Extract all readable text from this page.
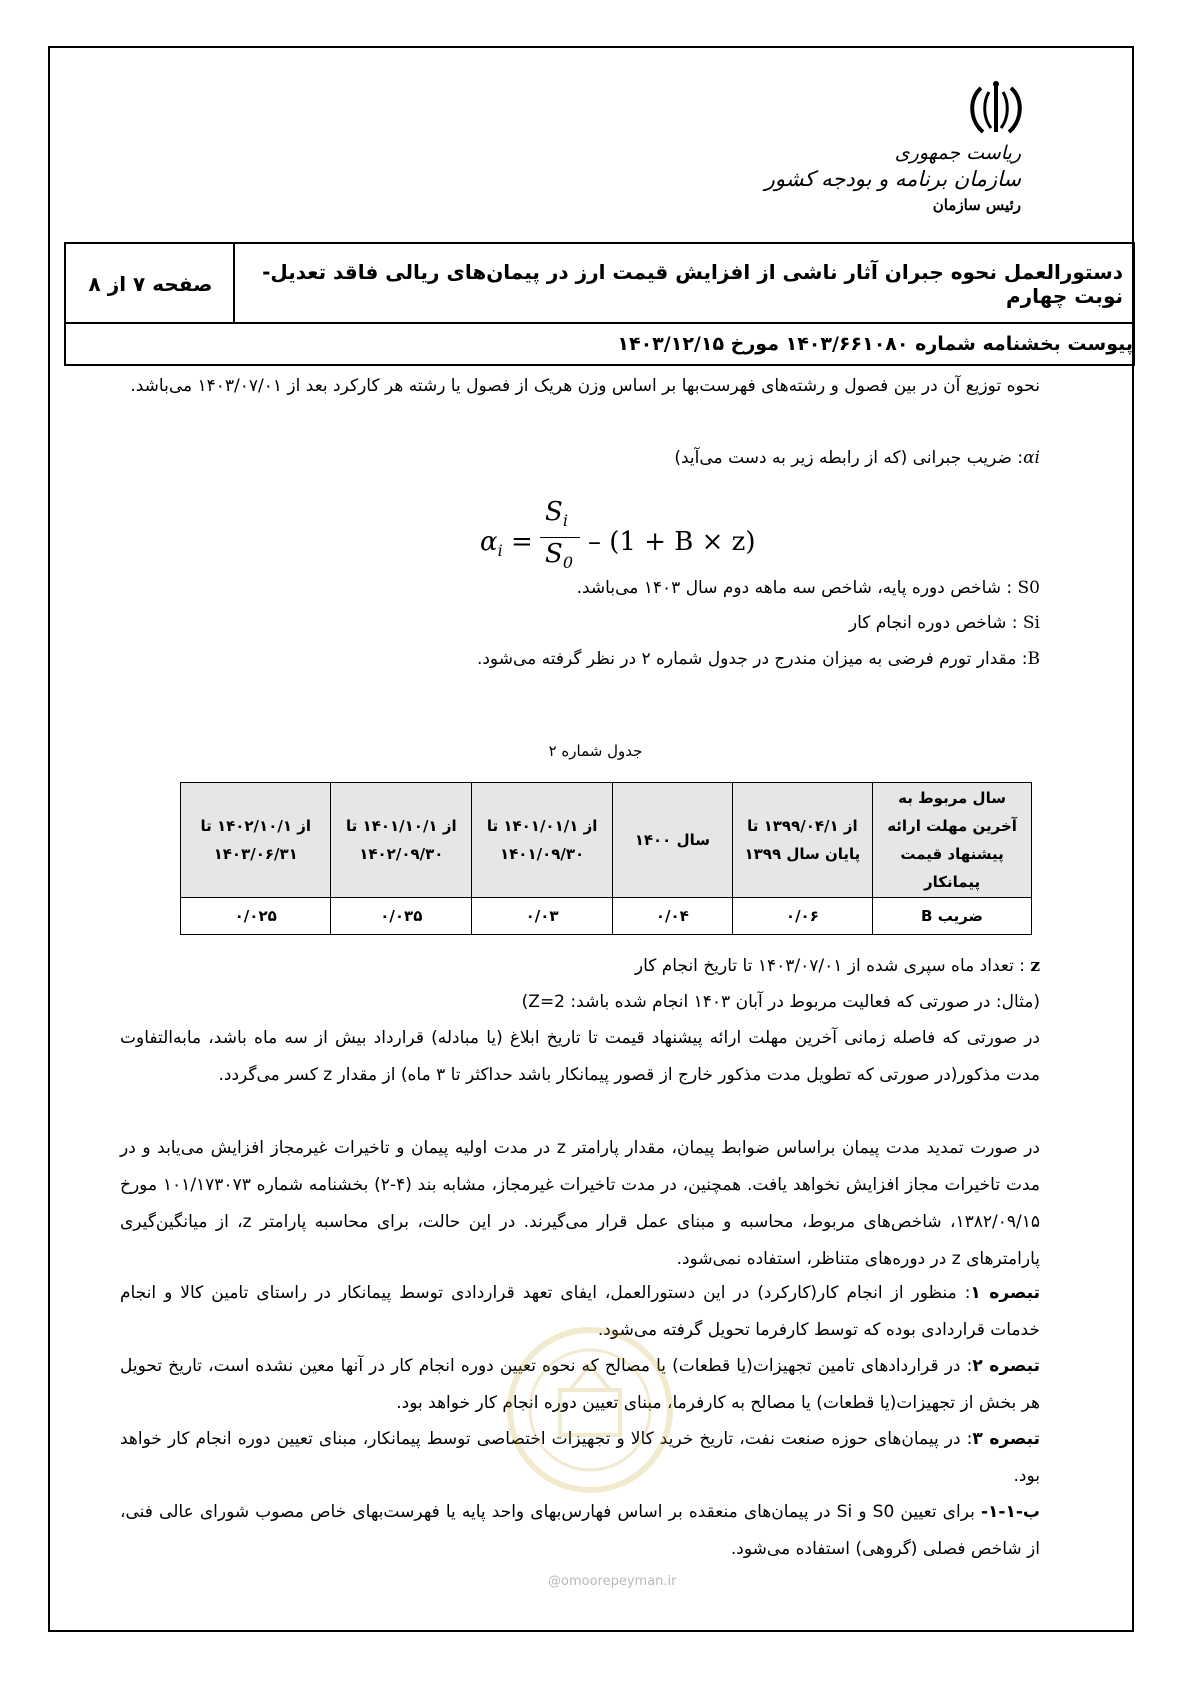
ریاست جمهوری
سازمان برنامه و بودجه کشور
رئیس سازمان
دستورالعمل نحوه جبران آثار ناشی از افزایش قیمت ارز در پیمان‌های ریالی فاقد تعدیل- نوبت چهارم
صفحه ۷ از ۸
پیوست بخشنامه شماره ۱۴۰۳/۶۶۱۰۸۰ مورخ ۱۴۰۳/۱۲/۱۵
نحوه توزیع آن در بین فصول و رشته‌های فهرست‌بها بر اساس وزن هریک از فصول یا رشته هر کارکرد بعد از ۱۴۰۳/۰۷/۰۱ می‌باشد.
αi: ضریب جبرانی (که از رابطه زیر به دست می‌آید)
$\alpha_i$ =
$S_i$
$S_0$
– (1 + B × z)
S0 : شاخص دوره پایه، شاخص سه ماهه دوم سال ۱۴۰۳ می‌باشد.
Si : شاخص دوره انجام کار
B: مقدار تورم فرضی به میزان مندرج در جدول شماره ۲ در نظر گرفته می‌شود.
جدول شماره ۲
سال مربوط به آخرین مهلت ارائه پیشنهاد قیمت پیمانکار	از ۱۳۹۹/۰۴/۱ تا پایان سال ۱۳۹۹	سال ۱۴۰۰	از ۱۴۰۱/۰۱/۱ تا ۱۴۰۱/۰۹/۳۰	از ۱۴۰۱/۱۰/۱ تا ۱۴۰۲/۰۹/۳۰	از ۱۴۰۲/۱۰/۱ تا ۱۴۰۳/۰۶/۳۱
ضریب B	۰/۰۶	۰/۰۴	۰/۰۳	۰/۰۳۵	۰/۰۲۵
z : تعداد ماه سپری شده از ۱۴۰۳/۰۷/۰۱ تا تاریخ انجام کار
(مثال: در صورتی که فعالیت مربوط در آبان ۱۴۰۳ انجام شده باشد: Z=2)
در صورتی که فاصله زمانی آخرین مهلت ارائه پیشنهاد قیمت تا تاریخ ابلاغ (یا مبادله) قرارداد بیش از سه ماه باشد، مابه‌التفاوت مدت مذکور(در صورتی که تطویل مدت مذکور خارج از قصور پیمانکار باشد حداکثر تا ۳ ماه) از مقدار z کسر می‌گردد.
در صورت تمدید مدت پیمان براساس ضوابط پیمان، مقدار پارامتر z در مدت اولیه پیمان و تاخیرات غیرمجاز افزایش می‌یابد و در مدت تاخیرات مجاز افزایش نخواهد یافت. همچنین، در مدت تاخیرات غیرمجاز، مشابه بند (۴-۲) بخشنامه شماره ۱۰۱/۱۷۳۰۷۳ مورخ ۱۳۸۲/۰۹/۱۵، شاخص‌های مربوط، محاسبه و مبنای عمل قرار می‌گیرند. در این حالت، برای محاسبه پارامتر z، از میانگین‌گیری پارامترهای z در دوره‌های متناظر، استفاده نمی‌شود.
تبصره ۱: منظور از انجام کار(کارکرد) در این دستورالعمل، ایفای تعهد قراردادی توسط پیمانکار در راستای تامین کالا و انجام خدمات قراردادی بوده که توسط کارفرما تحویل گرفته می‌شود.
تبصره ۲: در قراردادهای تامین تجهیزات(یا قطعات) یا مصالح که نحوه تعیین دوره انجام کار در آنها معین نشده است، تاریخ تحویل هر بخش از تجهیزات(یا قطعات) یا مصالح به کارفرما، مبنای تعیین دوره انجام کار خواهد بود.
تبصره ۳: در پیمان‌های حوزه صنعت نفت، تاریخ خرید کالا و تجهیزات اختصاصی توسط پیمانکار، مبنای تعیین دوره انجام کار خواهد بود.
ب-۱-۱- برای تعیین S0 و Si در پیمان‌های منعقده بر اساس فهارس‌بهای واحد پایه یا فهرست‌بهای خاص مصوب شورای عالی فنی، از شاخص فصلی (گروهی) استفاده می‌شود.
@omoorepeyman.ir
